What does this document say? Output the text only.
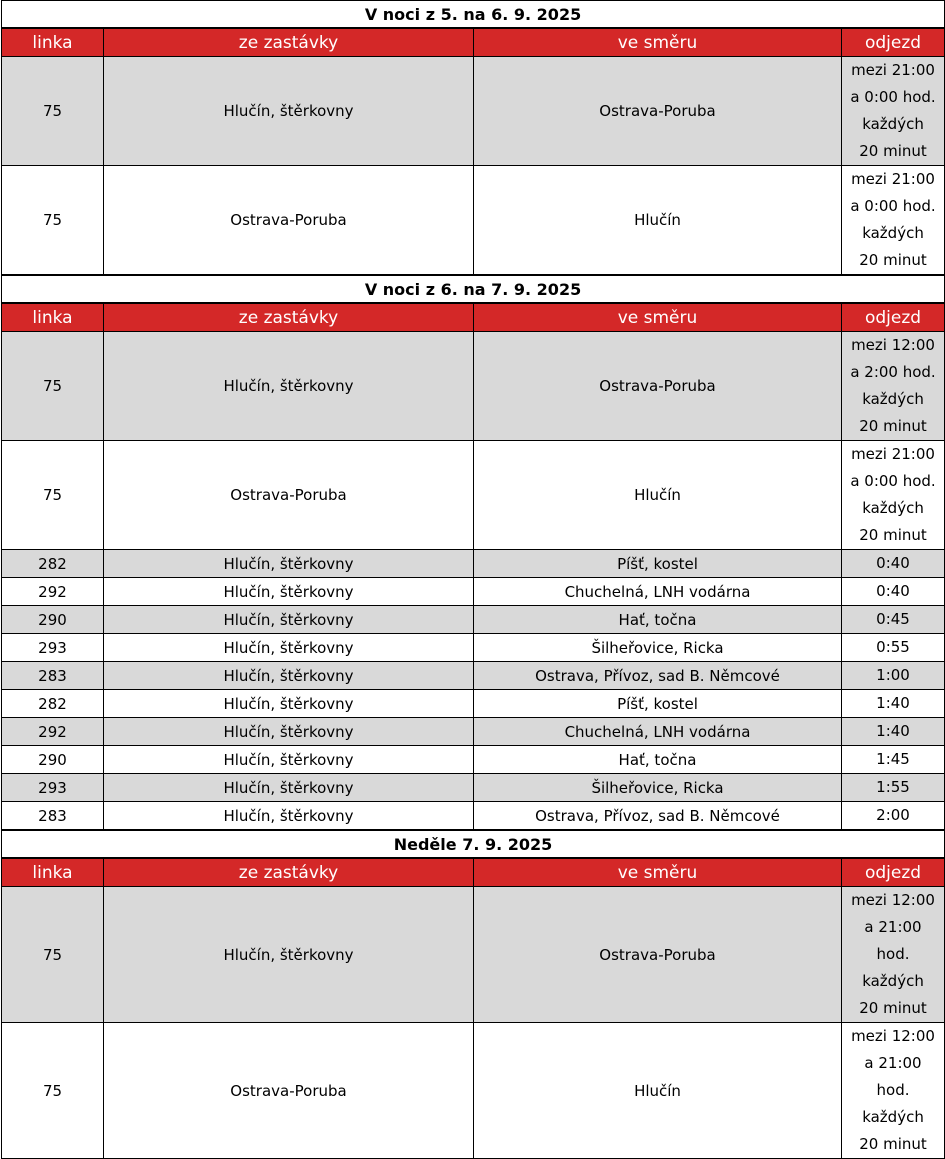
V noci z 5. na 6. 9. 2025			
linka	ze zastávky	ve směru	odjezd
75	Hlučín, štěrkovny	Ostrava-Poruba	mezi 21:00
a 0:00 hod.
každých
20 minut

75	Ostrava-Poruba	Hlučín	mezi 21:00
a 0:00 hod.
každých
20 minut

V noci z 6. na 7. 9. 2025			
linka	ze zastávky	ve směru	odjezd
75	Hlučín, štěrkovny	Ostrava-Poruba	mezi 12:00
a 2:00 hod.
každých
20 minut

75	Ostrava-Poruba	Hlučín	mezi 21:00
a 0:00 hod.
každých
20 minut

282	Hlučín, štěrkovny	Píšť, kostel	0:40

292	Hlučín, štěrkovny	Chuchelná, LNH vodárna	0:40

290	Hlučín, štěrkovny	Hať, točna	0:45

293	Hlučín, štěrkovny	Šilheřovice, Ricka	0:55

283	Hlučín, štěrkovny	Ostrava, Přívoz, sad B. Němcové	1:00

282	Hlučín, štěrkovny	Píšť, kostel	1:40

292	Hlučín, štěrkovny	Chuchelná, LNH vodárna	1:40

290	Hlučín, štěrkovny	Hať, točna	1:45

293	Hlučín, štěrkovny	Šilheřovice, Ricka	1:55

283	Hlučín, štěrkovny	Ostrava, Přívoz, sad B. Němcové	2:00

Neděle 7. 9. 2025			
linka	ze zastávky	ve směru	odjezd
75	Hlučín, štěrkovny	Ostrava-Poruba	mezi 12:00
a 21:00
hod.
každých
20 minut

75	Ostrava-Poruba	Hlučín	mezi 12:00
a 21:00
hod.
každých
20 minut
